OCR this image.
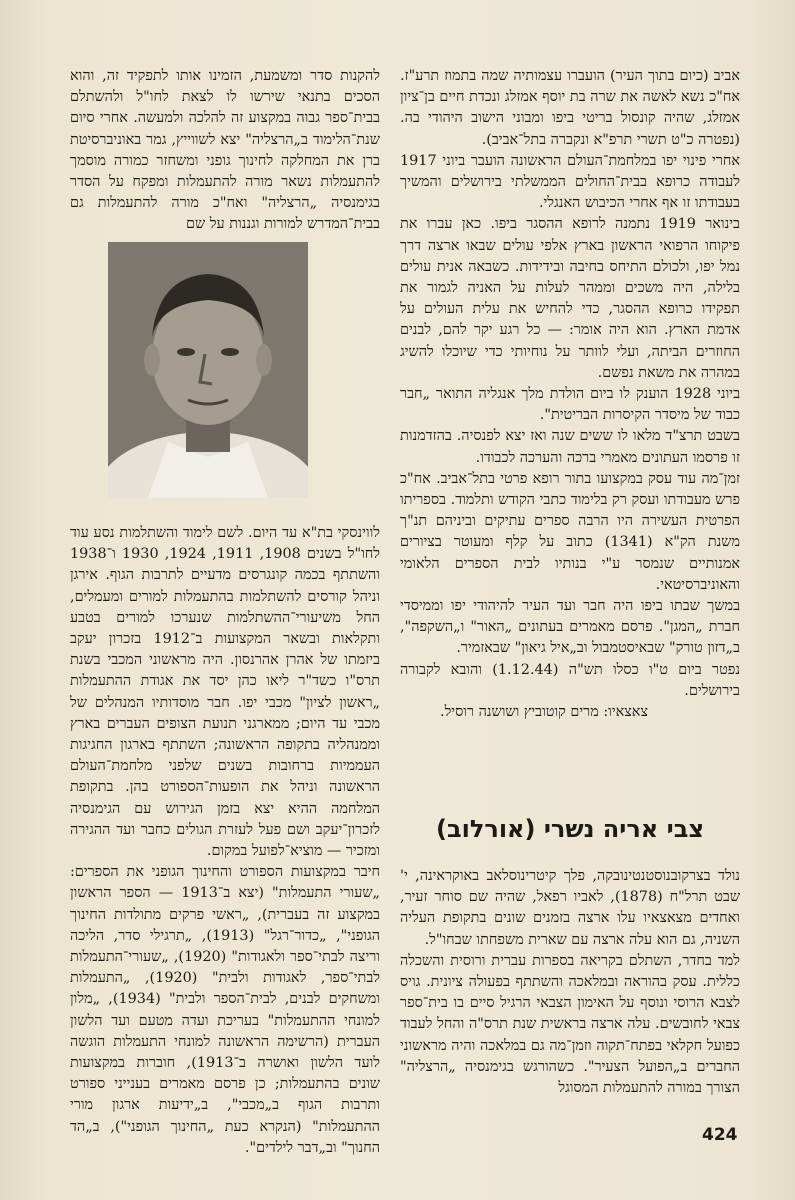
אביב (כיום בתוך העיר) הועברו עצמותיה שמה בתמוז תרע"ז. אח"כ נשא לאשה את שרה בת יוסף אמזלג ונכדת חיים בן־ציון אמזלג, שהיה קונסול בריטי ביפו ומבוני הישוב היהודי בה. (נפטרה כ"ט תשרי תרפ"א ונקברה בתל־אביב).

אחרי פינוי יפו במלחמת־העולם הראשונה הועבר ביוני 1917 לעבודה כרופא בבית־החולים הממשלתי בירושלים והמשיך בעבודתו זו אף אחרי הכיבוש האנגלי.

בינואר 1919 נתמנה לרופא ההסגר ביפו. כאן עברו את פיקוחו הרפואי הראשון בארץ אלפי עולים שבאו ארצה דרך נמל יפו, ולכולם התיחס בחיבה ובידידות. כשבאה אנית עולים בלילה, היה משכים וממהר לעלות על האניה לגמור את תפקידו כרופא ההסגר, כדי להחיש את עלית העולים על אדמת הארץ. הוא היה אומר: — כל רגע יקר להם, לבנים החוזרים הביתה, ועלי לוותר על נוחיותי כדי שיוכלו להשיג במהרה את משאת נפשם.

ביוני 1928 הוענק לו ביום הולדת מלך אנגליה התואר „חבר כבוד של מיסדר הקיסרות הבריטית".

בשבט תרצ"ד מלאו לו ששים שנה ואז יצא לפנסיה. בהזדמנות זו פרסמו העתונים מאמרי ברכה והערכה לכבודו.

זמן־מה עוד עסק במקצועו בתור רופא פרטי בתל־אביב. אח"כ פרש מעבודתו ועסק רק בלימוד כתבי הקודש ותלמוד. בספריתו הפרטית העשירה היו הרבה ספרים עתיקים וביניהם תנ"ך משנת הק"א (1341) כתוב על קלף ומעוטר בציורים אמנותיים שנמסר ע"י בנותיו לבית הספרים הלאומי והאוניברסיטאי.

במשך שבתו ביפו היה חבר ועד העיר להיהודי יפו וממיסדי חברת „המגן". פרסם מאמרים בעתונים „האור" ו„השקפה", ב„דזון טורק" שבאיסטמבול וב„איל גיאון" שבאזמיר.

נפטר ביום ט"ו כסלו תש"ה (1.12.44) והובא לקבורה בירושלים.

צאצאיו: מרים קוטוביץ ושושנה רוסיל.

להקנות סדר ומשמעת, הזמינו אותו לתפקיד זה, והוא הסכים בתנאי שירשו לו לצאת לחו"ל ולהשתלם בבית־ספר גבוה במקצוע זה להלכה ולמעשה. אחרי סיום שנת־הלימוד ב„הרצליה" יצא לשווייץ, גמר באוניברסיטת ברן את המחלקה לחינוך גופני ומשחזר כמורה מוסמך להתעמלות נשאר מורה להתעמלות ומפקח על הסדר בגימנסיה „הרצליה" ואח"כ מורה להתעמלות גם בבית־המדרש למורות וגננות על שם

לווינסקי בת"א עד היום. לשם לימוד והשתלמות נסע עוד לחו"ל בשנים 1908, 1911, 1924, 1930 ו־1938 והשתתף בכמה קונגרסים מדעיים לתרבות הגוף. אירגן וניהל קורסים להשתלמות בהתעמלות למורים ומעמלים, החל משיעורי־ההשתלמות שנערכו למורים בטבע ותקלאות ובשאר המקצועות ב־1912 בזכרון יעקב ביזמתו של אהרן אהרנסון. היה מראשוני המכבי בשנת תרס"ו כשד"ר ליאו כהן יסד את אגודת ההתעמלות „ראשון לציון" מכבי יפו. חבר מוסדותיו המנהלים של מכבי עד היום; ממארגני תנועת הצופים העברים בארץ וממנהליה בתקופה הראשונה; השתתף בארגון החגיגות העממיות ברחובות בשנים שלפני מלחמת־העולם הראשונה וניהל את הופעות־הספורט בהן. בתקופת המלחמה ההיא יצא בזמן הגירוש עם הגימנסיה לזכרון־יעקב ושם פעל לעזרת הגולים כחבר ועד ההגירה ומזכיר — מוציא־לפועל במקום.

חיבר במקצועות הספורט והחינוך הגופני את הספרים: „שעורי התעמלות" (יצא ב־1913 — הספר הראשון במקצוע זה בעברית), „ראשי פרקים מתולדות החינוך הגופני", „כדור־רגל" (1913), „תרגילי סדר, הליכה וריצה לבתי־ספר ולאגודות" (1920), „שעורי־התעמלות לבתי־ספר, לאגודות ולבית" (1920), „התעמלות ומשחקים לבנים, לבית־הספר ולבית" (1934), „מלון למונחי ההתעמלות" בעריכת ועדה מטעם ועד הלשון העברית (הרשימה הראשונה למונחי התעמלות הוגשה לועד הלשון ואושרה ב־1913), חוברות במקצועות שונים בהתעמלות; כן פרסם מאמרים בענייני ספורט ותרבות הגוף ב„מכבי", ב„ידיעות ארגון מורי ההתעמלות" (הנקרא כעת „החינוך הגופני"), ב„הד החנוך" וב„דבר לילדים".

צבי אריה נשרי (אורלוב)

נולד בצרקובנוסטנטינובקה, פלך קיטרינוסלאב באוקראינה, י' שבט תרל"ח (1878), לאביו רפאל, שהיה שם סוחר זעיר, ואחדים מצאצאיו עלו ארצה בזמנים שונים בתקופת העליה השניה, גם הוא עלה ארצה עם שארית משפחתו שבחו"ל.

למד בחדר, השתלם בקריאה בספרות עברית ורוסית והשכלה כללית. עסק בהוראה ובמלאכה והשתתף בפעולה ציונית. גויס לצבא הרוסי ונוסף על האימון הצבאי הרגיל סיים בו בית־ספר צבאי לחובשים. עלה ארצה בראשית שנת תרס"ה והחל לעבוד כפועל חקלאי בפתח־תקוה וזמן־מה גם במלאכה והיה מראשוני החברים ב„הפועל הצעיר". כשהורגש בגימנסיה „הרצליה" הצורך במורה להתעמלות המסוגל

424
